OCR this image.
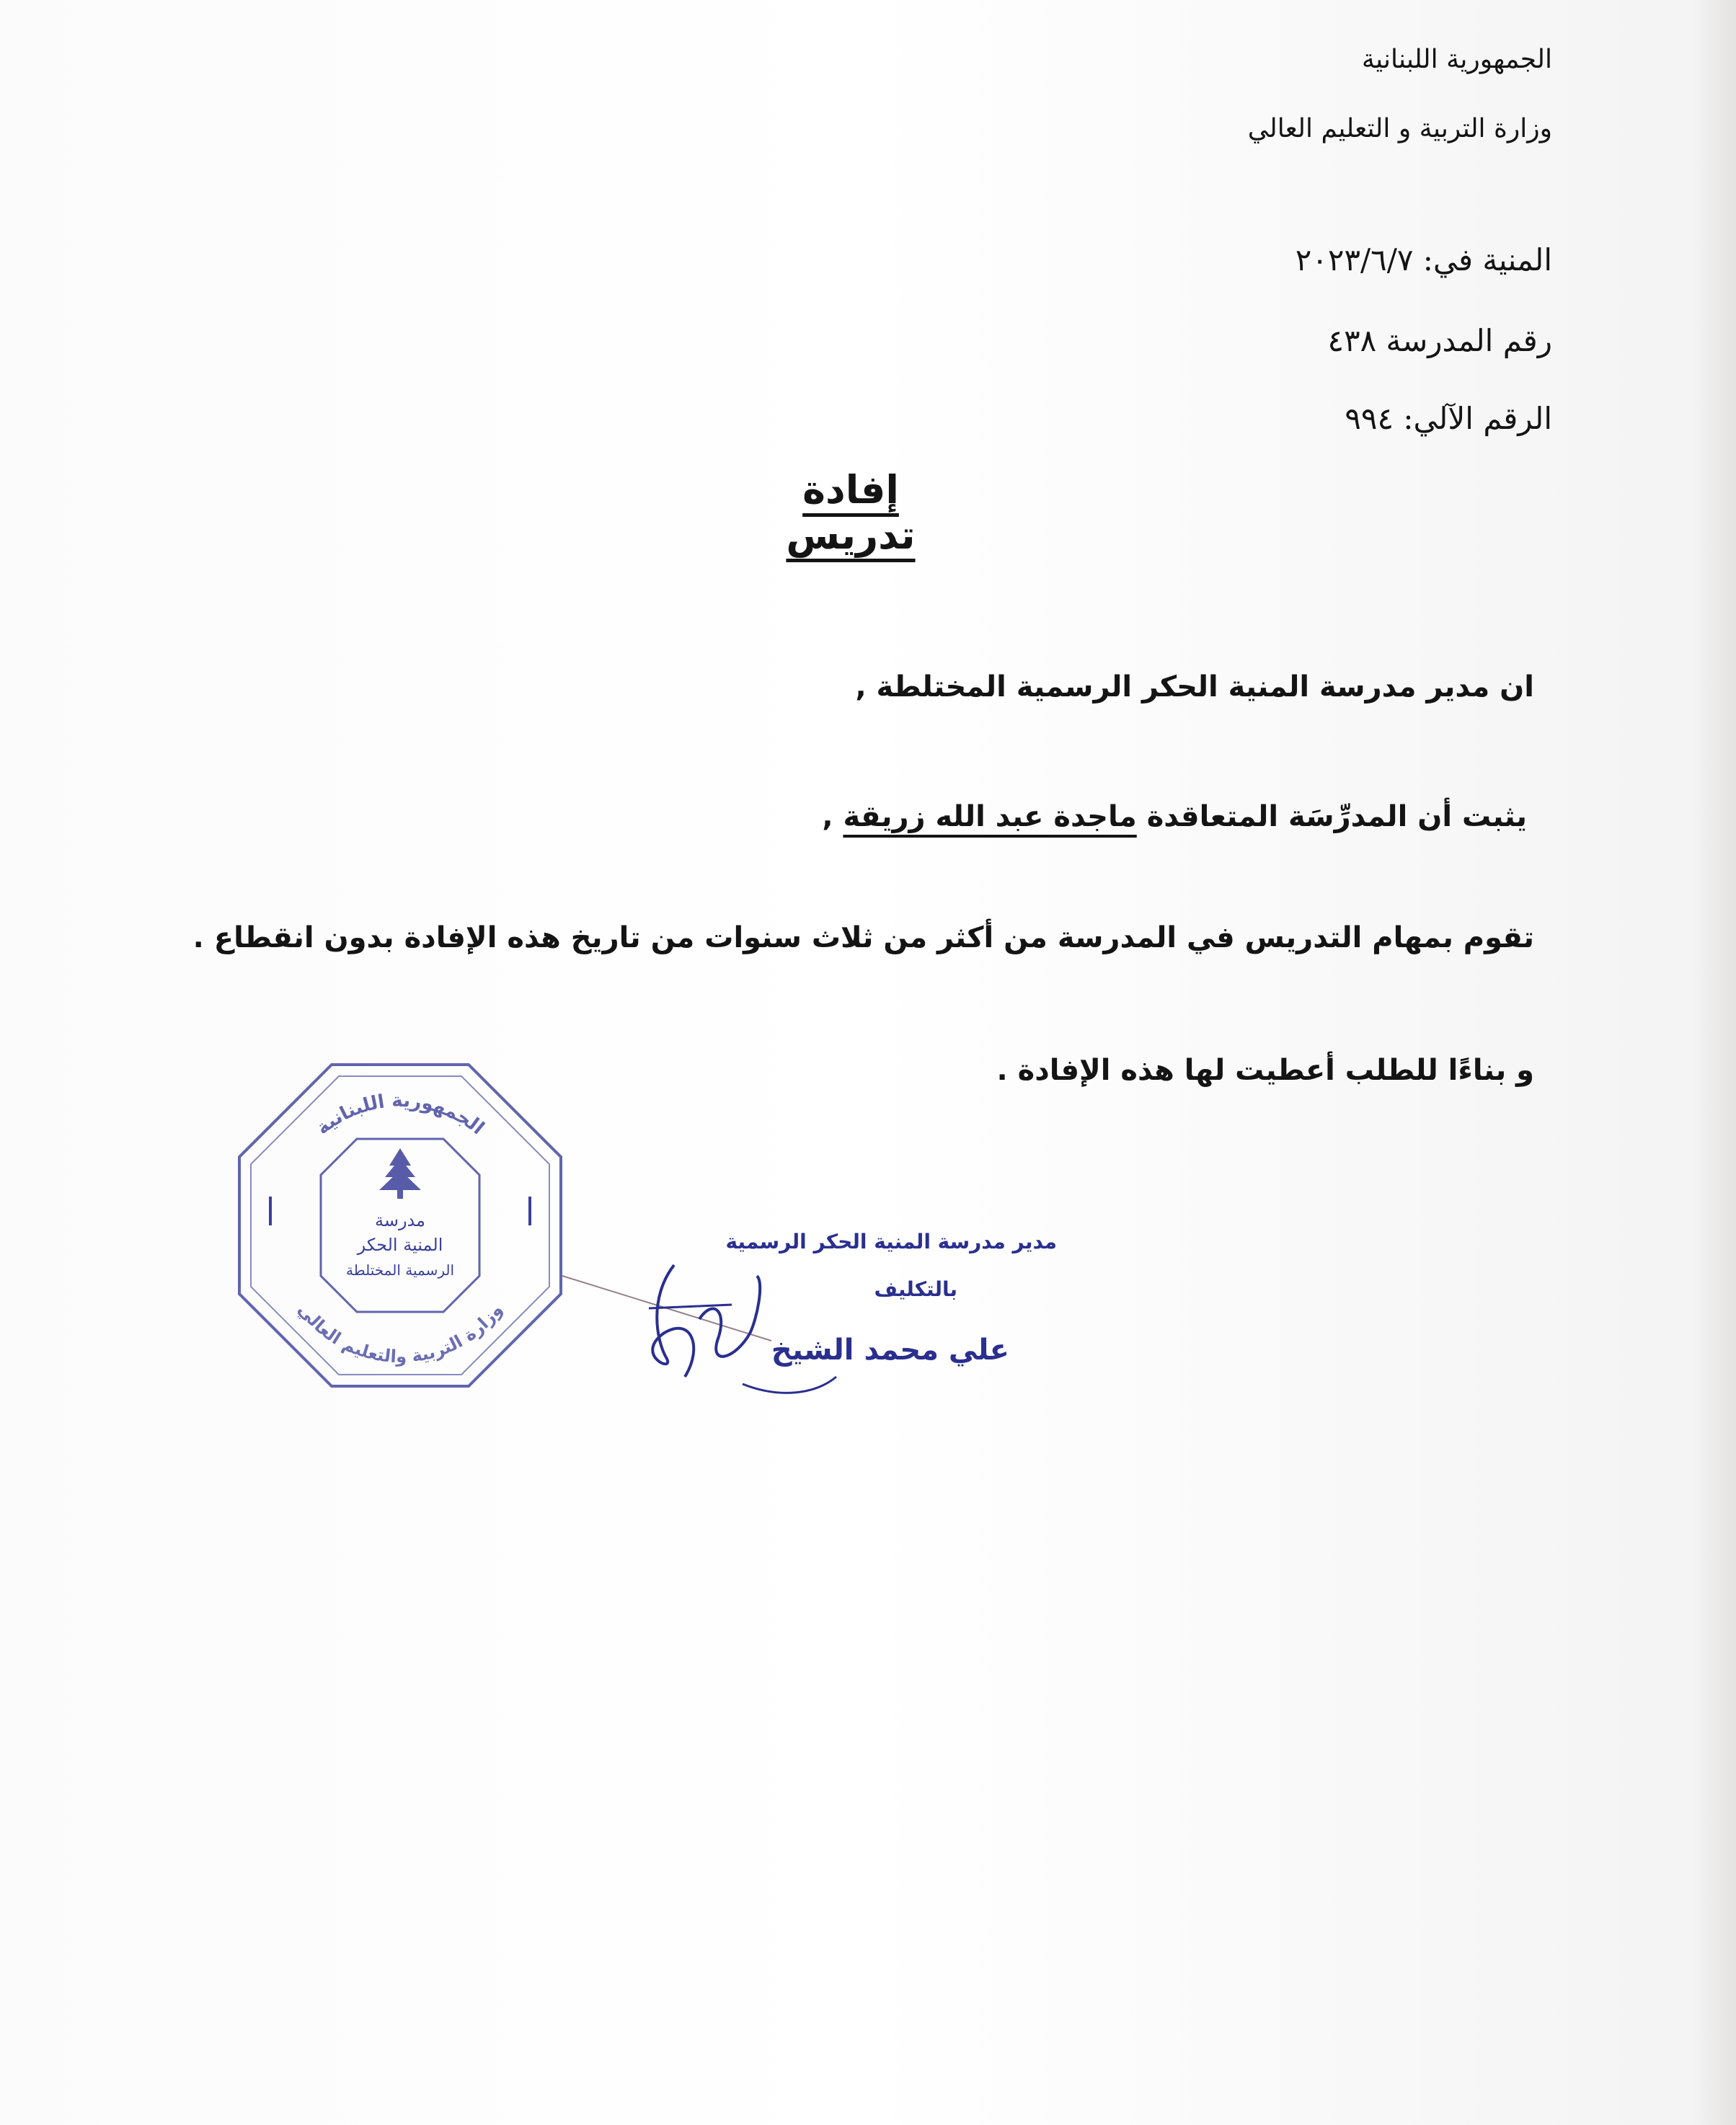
الجمهورية اللبنانية
وزارة التربية و التعليم العالي
المنية في: ٢٠٢٣/٦/٧
رقم المدرسة ٤٣٨
الرقم الآلي: ٩٩٤
إفادة تدريس
ان مدير مدرسة المنية الحكر الرسمية المختلطة ,
يثبت أن المدرِّسَة المتعاقدة ماجدة عبد الله زريقة ,
تقوم بمهام التدريس في المدرسة من أكثر من ثلاث سنوات من تاريخ هذه الإفادة بدون انقطاع .
و بناءًا للطلب أعطيت لها هذه الإفادة .
الجمهورية اللبنانية
وزارة التربية والتعليم العالي
مدرسة
المنية الحكر
الرسمية المختلطة
مدير مدرسة المنية الحكر الرسمية
بالتكليف
علي محمد الشيخ
